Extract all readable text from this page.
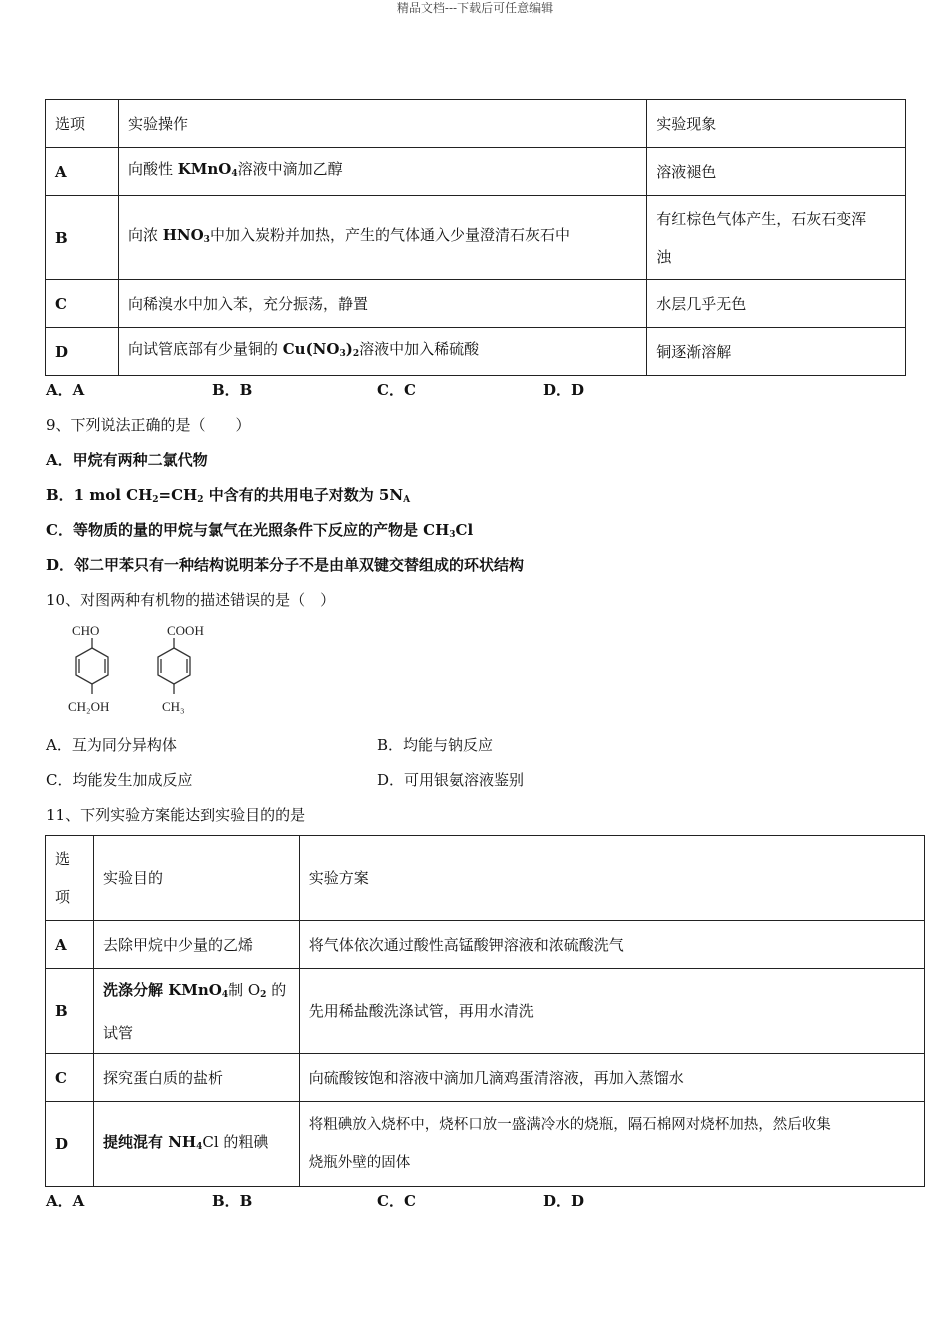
精品文档---下载后可任意编辑
选项	实验操作	实验现象
A	向酸性 KMnO$_4$溶液中滴加乙醇	溶液褪色
B	向浓 $HNO_3$中加入炭粉并加热，产生的气体通入少量澄清石灰石中	有红棕色气体产生，石灰石变浑
浊

C	向稀溴水中加入苯，充分振荡，静置	水层几乎无色
D	向试管底部有少量铜的 $Cu(NO_3)_2$溶液中加入稀硫酸	铜逐渐溶解
A．A	B．B	C．C	D．D
9、下列说法正确的是（　　）
A．甲烷有两种二氯代物
B．1 mol $CH_2=CH_2$ 中含有的共用电子对数为 $5N_A$
C．等物质的量的甲烷与氯气在光照条件下反应的产物是 $CH_3Cl$
D．邻二甲苯只有一种结构说明苯分子不是由单双键交替组成的环状结构
10、对图两种有机物的描述错误的是（　）
CHO
CH₂OH
COOH
CH₃
A．互为同分异构体	B．均能与钠反应
C．均能发生加成反应	D．可用银氨溶液鉴别
11、下列实验方案能达到实验目的的是
选
项	实验目的	实验方案
A	去除甲烷中少量的乙烯	将气体依次通过酸性高锰酸钾溶液和浓硫酸洗气
B	洗涤分解 KMnO$_4$制 $O_2$ 的
试管	先用稀盐酸洗涤试管，再用水清洗
C	探究蛋白质的盐析	向硫酸铵饱和溶液中滴加几滴鸡蛋清溶液，再加入蒸馏水
D	提纯混有 $NH_4Cl$ 的粗碘	将粗碘放入烧杯中，烧杯口放一盛满冷水的烧瓶，隔石棉网对烧杯加热，然后收集
烧瓶外壁的固体
A．A	B．B	C．C	D．D
